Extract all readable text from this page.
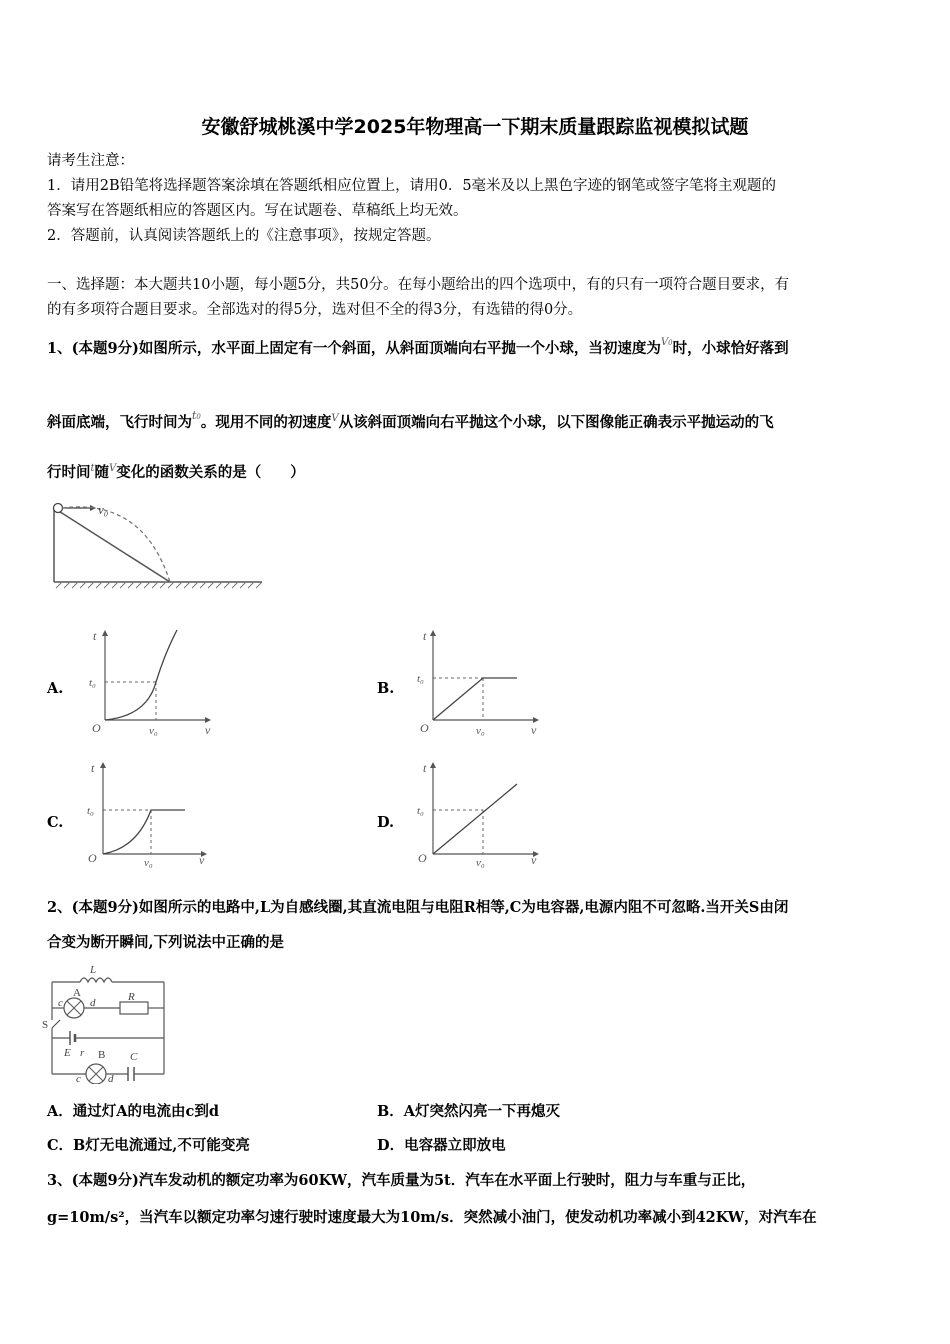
安徽舒城桃溪中学2025年物理高一下期末质量跟踪监视模拟试题
请考生注意：
1．请用2B铅笔将选择题答案涂填在答题纸相应位置上，请用0．5毫米及以上黑色字迹的钢笔或签字笔将主观题的
答案写在答题纸相应的答题区内。写在试题卷、草稿纸上均无效。
2．答题前，认真阅读答题纸上的《注意事项》，按规定答题。
一、选择题：本大题共10小题，每小题5分，共50分。在每小题给出的四个选项中，有的只有一项符合题目要求，有
的有多项符合题目要求。全部选对的得5分，选对但不全的得3分，有选错的得0分。
1、(本题9分)如图所示，水平面上固定有一个斜面，从斜面顶端向右平抛一个小球，当初速度为$^{V0}$时，小球恰好落到
斜面底端，飞行时间为$^{t0}$。现用不同的初速度$^V$从该斜面顶端向右平抛这个小球，以下图像能正确表示平抛运动的飞
行时间$^t$随$^V$变化的函数关系的是（　　）
v₀
A.
t
t₀
O	v₀	v
B.
t
t₀
O	v₀	v
C.
t
t₀
O	v₀	v
D.
t
t₀
O	v₀	v
2、(本题9分)如图所示的电路中,L为自感线圈,其直流电阻与电阻R相等,C为电容器,电源内阻不可忽略.当开关S由闭
合变为断开瞬间,下列说法中正确的是
L
R
A
c d
S
E r B C
c d
A．通过灯A的电流由c到d	B．A灯突然闪亮一下再熄灭
C．B灯无电流通过,不可能变亮	D．电容器立即放电
3、(本题9分)汽车发动机的额定功率为60KW，汽车质量为5t．汽车在水平面上行驶时，阻力与车重与正比，
g=10m/s²，当汽车以额定功率匀速行驶时速度最大为10m/s．突然减小油门，使发动机功率减小到42KW，对汽车在
